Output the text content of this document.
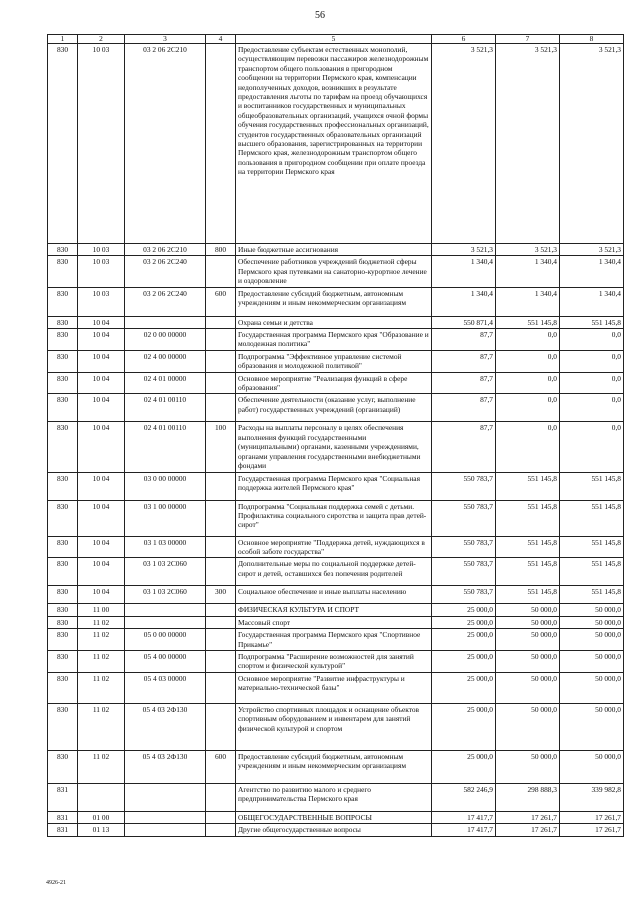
56
1	2	3	4	5	6	7	8
830	10 03	03 2 06 2C210		Предоставление субъектам естественных монополий, осуществляющим перевозки пассажиров железнодорожным транспортом общего пользования в пригородном сообщении на территории Пермского края, компенсации недополученных доходов, возникших в результате предоставления льготы по тарифам на проезд обучающихся и воспитанников государственных и муниципальных общеобразовательных организаций, учащихся очной формы обучения государственных профессиональных организаций, студентов государственных образовательных организаций высшего образования, зарегистрированных на территории Пермского края, железнодорожным транспортом общего пользования в пригородном сообщении при оплате проезда на территории Пермского края	3 521,3	3 521,3	3 521,3
830	10 03	03 2 06 2C210	800	Иные бюджетные ассигнования	3 521,3	3 521,3	3 521,3
830	10 03	03 2 06 2C240		Обеспечение работников учреждений бюджетной сферы Пермского края путевками на санаторно-курортное лечение и оздоровление	1 340,4	1 340,4	1 340,4
830	10 03	03 2 06 2C240	600	Предоставление субсидий бюджетным, автономным учреждениям и иным некоммерческим организациям	1 340,4	1 340,4	1 340,4
830	10 04			Охрана семьи и детства	550 871,4	551 145,8	551 145,8
830	10 04	02 0 00 00000		Государственная программа Пермского края "Образование и молодежная политика"	87,7	0,0	0,0
830	10 04	02 4 00 00000		Подпрограмма "Эффективное управление системой образования и молодежной политикой"	87,7	0,0	0,0
830	10 04	02 4 01 00000		Основное мероприятие "Реализация функций в сфере образования"	87,7	0,0	0,0
830	10 04	02 4 01 00110		Обеспечение деятельности (оказание услуг, выполнение работ) государственных учреждений (организаций)	87,7	0,0	0,0
830	10 04	02 4 01 00110	100	Расходы на выплаты персоналу в целях обеспечения выполнения функций государственными (муниципальными) органами, казенными учреждениями, органами управления государственными внебюджетными фондами	87,7	0,0	0,0
830	10 04	03 0 00 00000		Государственная программа Пермского края "Социальная поддержка жителей Пермского края"	550 783,7	551 145,8	551 145,8
830	10 04	03 1 00 00000		Подпрограмма "Социальная поддержка семей с детьми. Профилактика социального сиротства и защита прав детей-сирот"	550 783,7	551 145,8	551 145,8
830	10 04	03 1 03 00000		Основное мероприятие "Поддержка детей, нуждающихся в особой заботе государства"	550 783,7	551 145,8	551 145,8
830	10 04	03 1 03 2C060		Дополнительные меры по социальной поддержке детей-сирот и детей, оставшихся без попечения родителей	550 783,7	551 145,8	551 145,8
830	10 04	03 1 03 2C060	300	Социальное обеспечение и иные выплаты населению	550 783,7	551 145,8	551 145,8
830	11 00			ФИЗИЧЕСКАЯ КУЛЬТУРА И СПОРТ	25 000,0	50 000,0	50 000,0
830	11 02			Массовый спорт	25 000,0	50 000,0	50 000,0
830	11 02	05 0 00 00000		Государственная программа Пермского края "Спортивное Прикамье"	25 000,0	50 000,0	50 000,0
830	11 02	05 4 00 00000		Подпрограмма "Расширение возможностей для занятий спортом и физической культурой"	25 000,0	50 000,0	50 000,0
830	11 02	05 4 03 00000		Основное мероприятие "Развитие инфраструктуры и материально-технической базы"	25 000,0	50 000,0	50 000,0
830	11 02	05 4 03 2Ф130		Устройство спортивных площадок и оснащение объектов спортивным оборудованием и инвентарем для занятий физической культурой и спортом	25 000,0	50 000,0	50 000,0
830	11 02	05 4 03 2Ф130	600	Предоставление субсидий бюджетным, автономным учреждениям и иным некоммерческим организациям	25 000,0	50 000,0	50 000,0
831				Агентство по развитию малого и среднего предпринимательства Пермского края	582 246,9	298 888,3	339 982,8
831	01 00			ОБЩЕГОСУДАРСТВЕННЫЕ ВОПРОСЫ	17 417,7	17 261,7	17 261,7
831	01 13			Другие общегосударственные вопросы	17 417,7	17 261,7	17 261,7
4926-21
